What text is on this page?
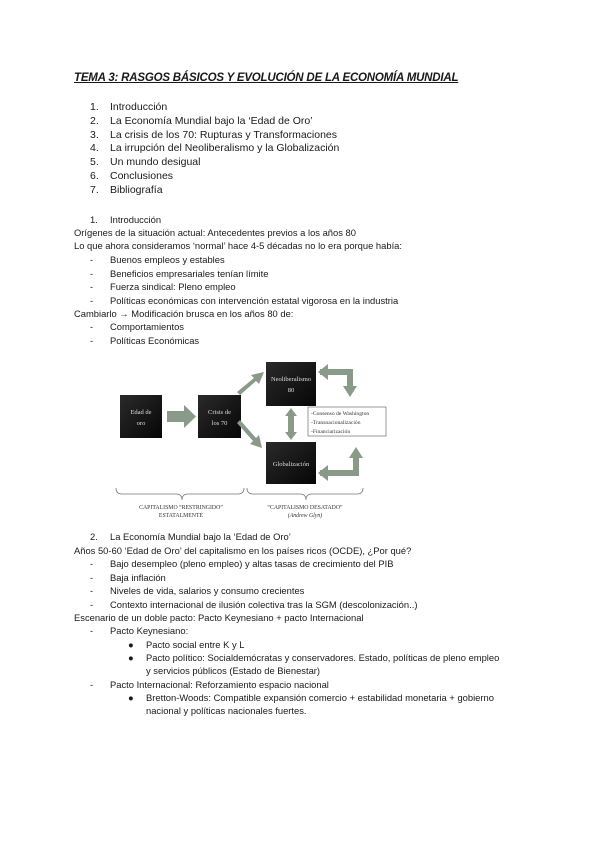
TEMA 3: RASGOS BÁSICOS Y EVOLUCIÓN DE LA ECONOMÍA MUNDIAL
1. Introducción
2. La Economía Mundial bajo la ‘Edad de Oro’
3. La crisis de los 70: Rupturas y Transformaciones
4. La irrupción del Neoliberalismo y la Globalización
5. Un mundo desigual
6. Conclusiones
7. Bibliografía
1. Introducción
Orígenes de la situación actual: Antecedentes previos a los años 80
Lo que ahora consideramos ‘normal’ hace 4-5 décadas no lo era porque había:
- Buenos empleos y estables
- Beneficios empresariales tenían límite
- Fuerza sindical: Pleno empleo
- Políticas económicas con intervención estatal vigorosa en la industria
Cambiarlo → Modificación brusca en los años 80 de:
- Comportamientos
- Políticas Económicas
Edad de
oro
Crisis de
los 70
Neoliberalismo
80
Globalización
-Consenso de Washington
-Transnacionalización
-Financiarización
CAPITALISMO “RESTRINGIDO”
ESTATALMENTE
“CAPITALISMO DESATADO”
(Andrew Glyn)
2. La Economía Mundial bajo la ‘Edad de Oro’
Años 50-60 ‘Edad de Oro’ del capitalismo en los países ricos (OCDE), ¿Por qué?
- Bajo desempleo (pleno empleo) y altas tasas de crecimiento del PIB
- Baja inflación
- Niveles de vida, salarios y consumo crecientes
- Contexto internacional de ilusión colectiva tras la SGM (descolonización..)
Escenario de un doble pacto: Pacto Keynesiano + pacto Internacional
- Pacto Keynesiano:
● Pacto social entre K y L
● Pacto político: Socialdemócratas y conservadores. Estado, políticas de pleno empleo
y servicios públicos (Estado de Bienestar)
- Pacto Internacional: Reforzamiento espacio nacional
● Bretton-Woods: Compatible expansión comercio + estabilidad monetaria + gobierno
nacional y políticas nacionales fuertes.
